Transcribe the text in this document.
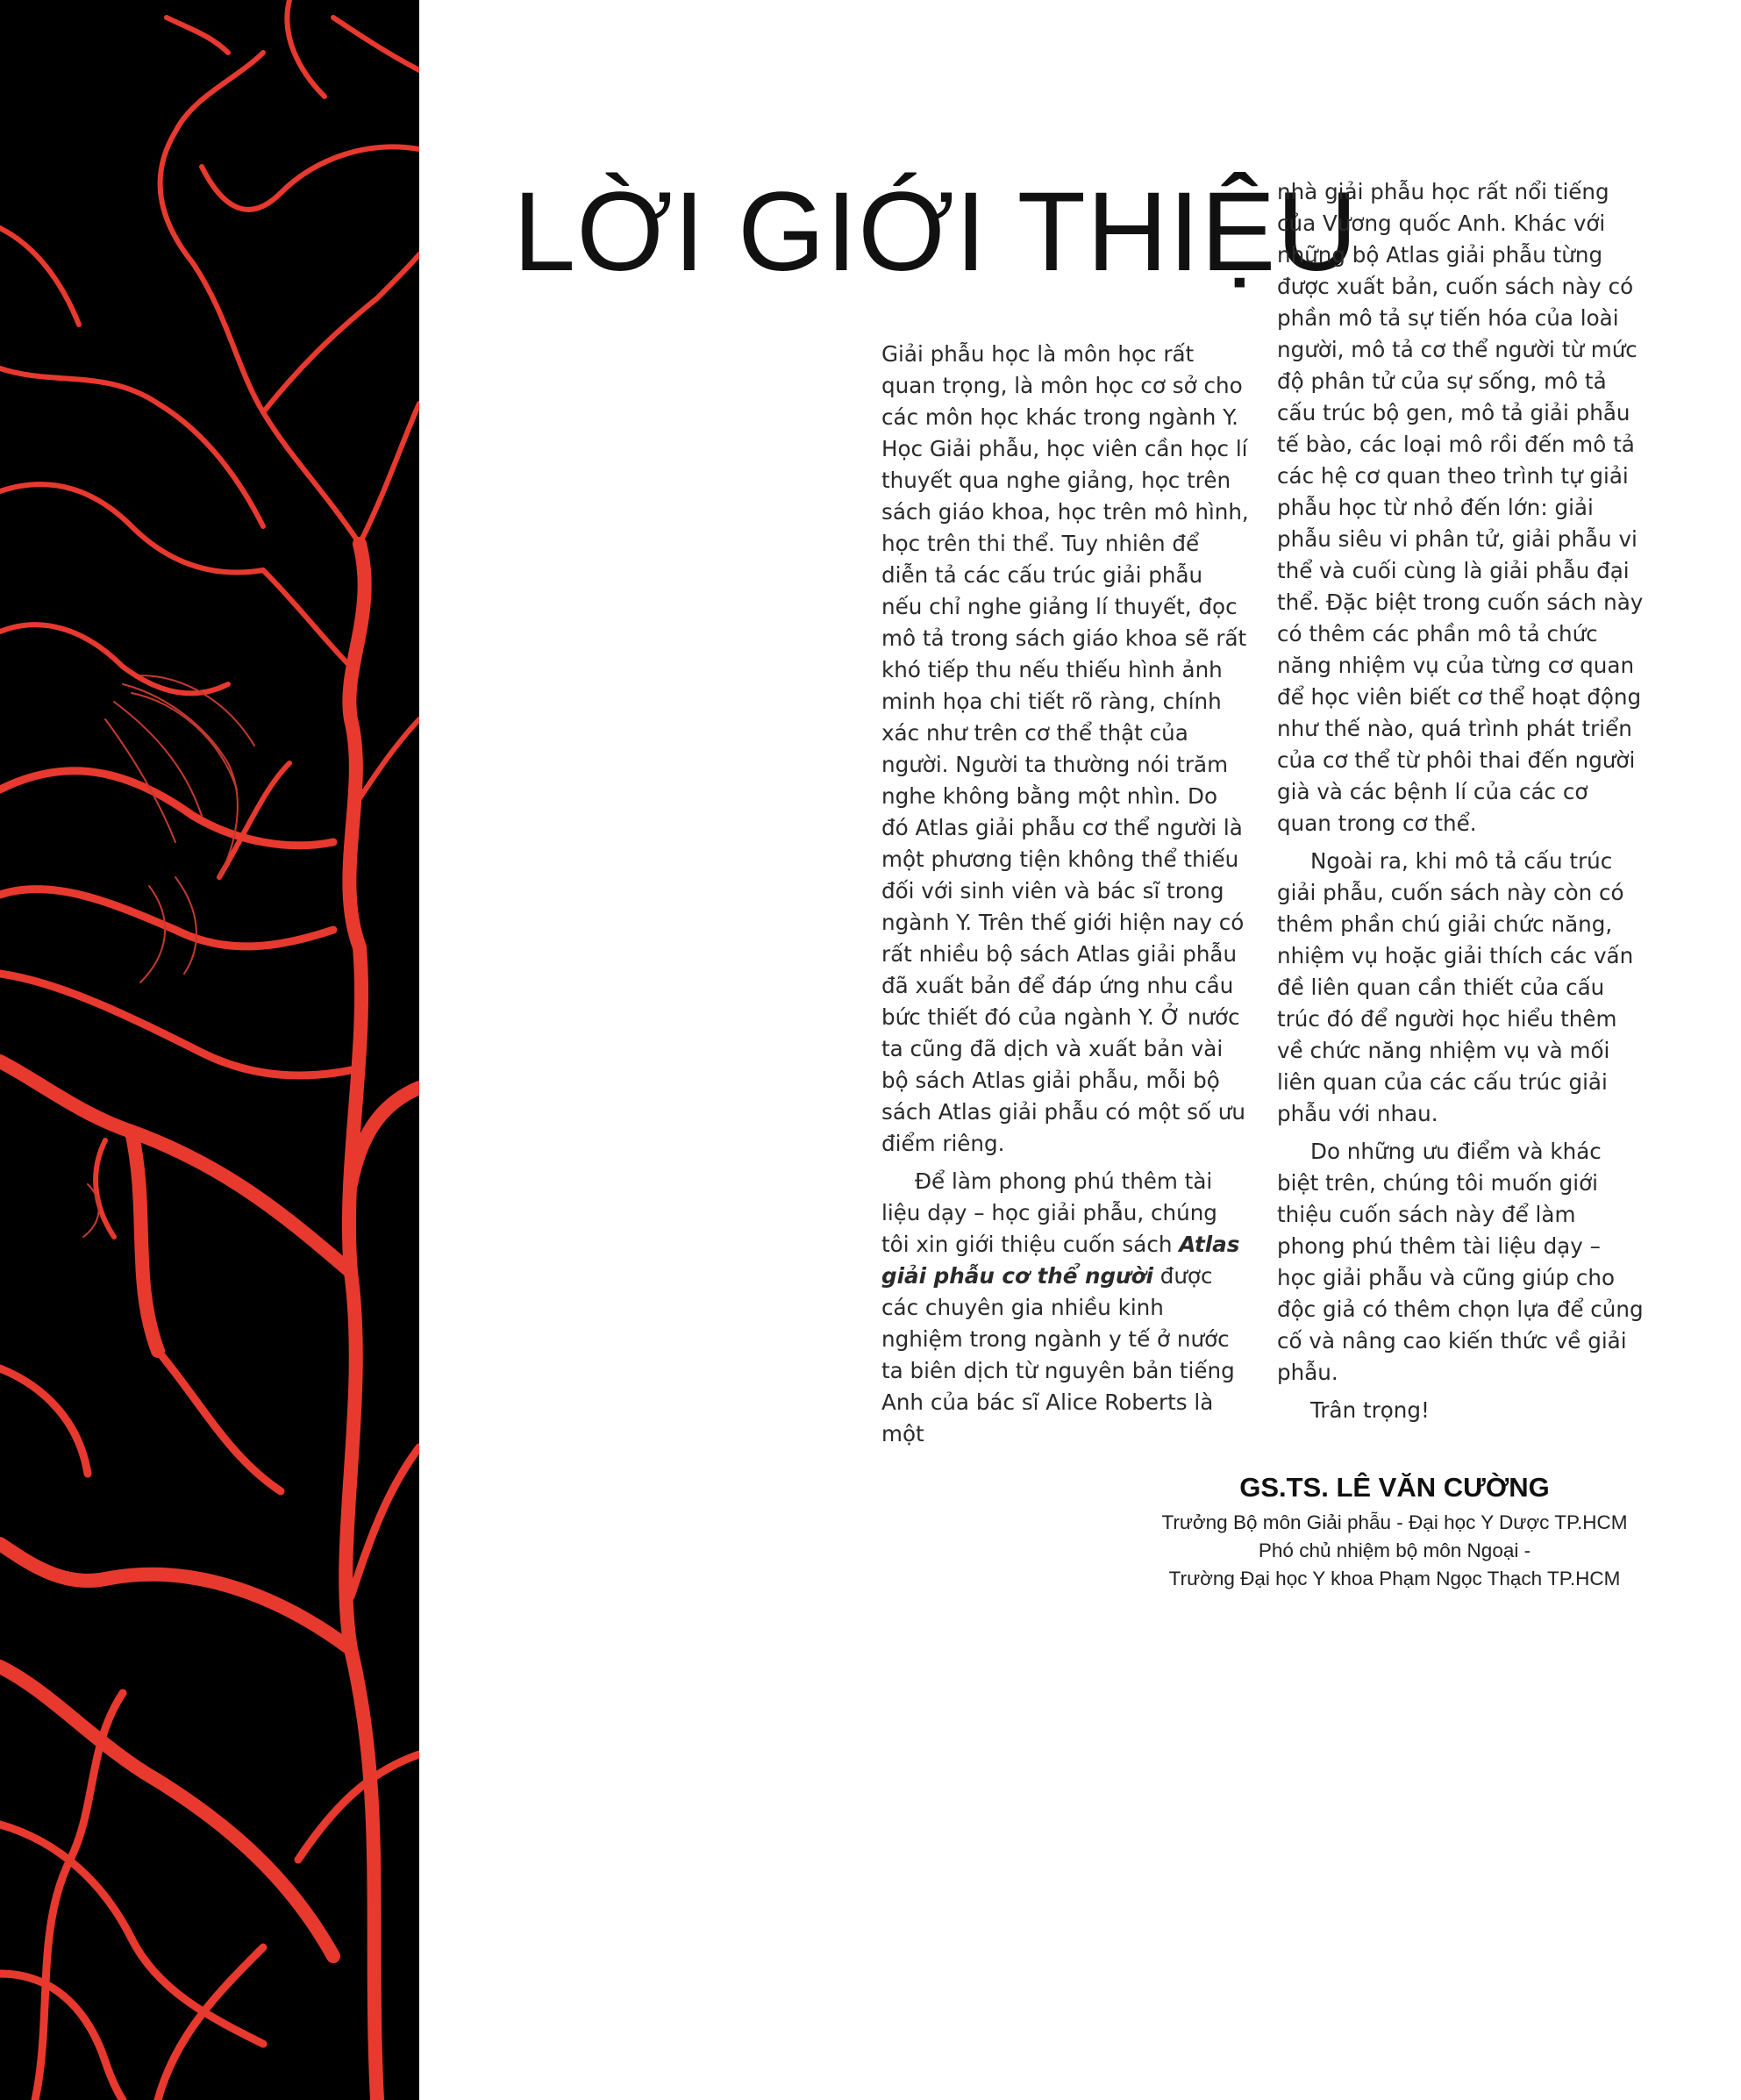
LỜI GIỚI THIỆU

Giải phẫu học là môn học rất quan trọng, là môn học cơ sở cho các môn học khác trong ngành Y. Học Giải phẫu, học viên cần học lí thuyết qua nghe giảng, học trên sách giáo khoa, học trên mô hình, học trên thi thể. Tuy nhiên để diễn tả các cấu trúc giải phẫu nếu chỉ nghe giảng lí thuyết, đọc mô tả trong sách giáo khoa sẽ rất khó tiếp thu nếu thiếu hình ảnh minh họa chi tiết rõ ràng, chính xác như trên cơ thể thật của người. Người ta thường nói trăm nghe không bằng một nhìn. Do đó Atlas giải phẫu cơ thể người là một phương tiện không thể thiếu đối với sinh viên và bác sĩ trong ngành Y. Trên thế giới hiện nay có rất nhiều bộ sách Atlas giải phẫu đã xuất bản để đáp ứng nhu cầu bức thiết đó của ngành Y. Ở nước ta cũng đã dịch và xuất bản vài bộ sách Atlas giải phẫu, mỗi bộ sách Atlas giải phẫu có một số ưu điểm riêng.

Để làm phong phú thêm tài liệu dạy – học giải phẫu, chúng tôi xin giới thiệu cuốn sách Atlas giải phẫu cơ thể người được các chuyên gia nhiều kinh nghiệm trong ngành y tế ở nước ta biên dịch từ nguyên bản tiếng Anh của bác sĩ Alice Roberts là một

nhà giải phẫu học rất nổi tiếng của Vương quốc Anh. Khác với những bộ Atlas giải phẫu từng được xuất bản, cuốn sách này có phần mô tả sự tiến hóa của loài người, mô tả cơ thể người từ mức độ phân tử của sự sống, mô tả cấu trúc bộ gen, mô tả giải phẫu tế bào, các loại mô rồi đến mô tả các hệ cơ quan theo trình tự giải phẫu học từ nhỏ đến lớn: giải phẫu siêu vi phân tử, giải phẫu vi thể và cuối cùng là giải phẫu đại thể. Đặc biệt trong cuốn sách này có thêm các phần mô tả chức năng nhiệm vụ của từng cơ quan để học viên biết cơ thể hoạt động như thế nào, quá trình phát triển của cơ thể từ phôi thai đến người già và các bệnh lí của các cơ quan trong cơ thể.

Ngoài ra, khi mô tả cấu trúc giải phẫu, cuốn sách này còn có thêm phần chú giải chức năng, nhiệm vụ hoặc giải thích các vấn đề liên quan cần thiết của cấu trúc đó để người học hiểu thêm về chức năng nhiệm vụ và mối liên quan của các cấu trúc giải phẫu với nhau.

Do những ưu điểm và khác biệt trên, chúng tôi muốn giới thiệu cuốn sách này để làm phong phú thêm tài liệu dạy – học giải phẫu và cũng giúp cho độc giả có thêm chọn lựa để củng cố và nâng cao kiến thức về giải phẫu.

Trân trọng!

GS.TS. LÊ VĂN CƯỜNG
Trưởng Bộ môn Giải phẫu - Đại học Y Dược TP.HCM
Phó chủ nhiệm bộ môn Ngoại -
Trường Đại học Y khoa Phạm Ngọc Thạch TP.HCM
